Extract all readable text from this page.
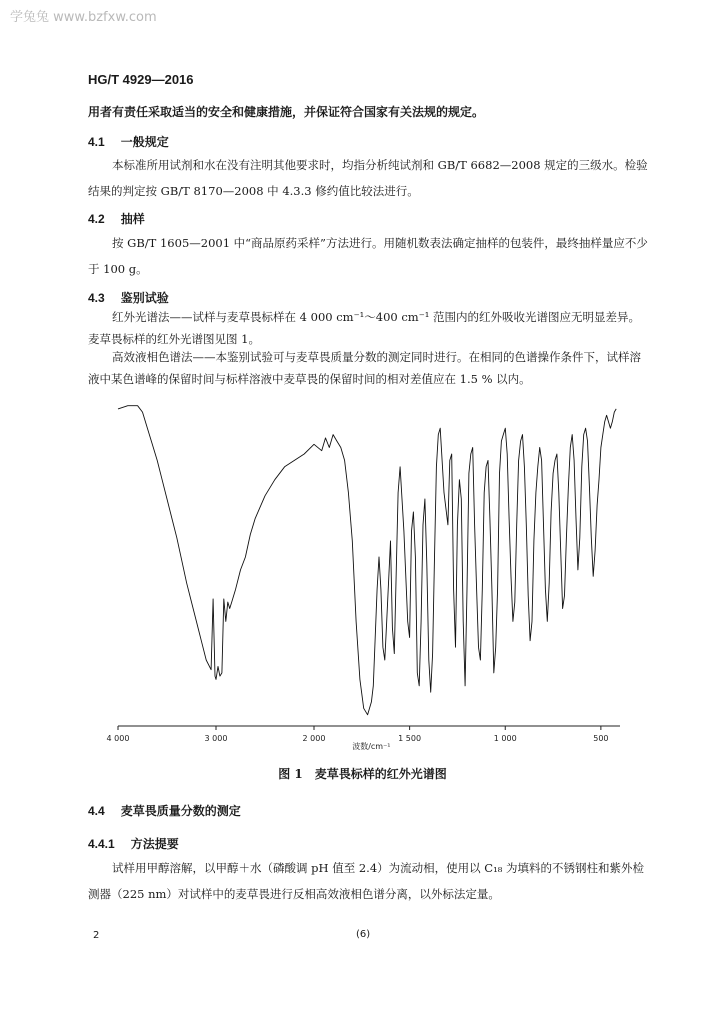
学兔兔 www.bzfxw.com
HG/T 4929—2016
用者有责任采取适当的安全和健康措施，并保证符合国家有关法规的规定。
4.1 一般规定
本标准所用试剂和水在没有注明其他要求时，均指分析纯试剂和 GB/T 6682—2008 规定的三级水。检验结果的判定按 GB/T 8170—2008 中 4.3.3 修约值比较法进行。
4.2 抽样
按 GB/T 1605—2001 中“商品原药采样”方法进行。用随机数表法确定抽样的包装件，最终抽样量应不少于 100 g。
4.3 鉴别试验
红外光谱法——试样与麦草畏标样在 4 000 cm⁻¹～400 cm⁻¹ 范围内的红外吸收光谱图应无明显差异。麦草畏标样的红外光谱图见图 1。
高效液相色谱法——本鉴别试验可与麦草畏质量分数的测定同时进行。在相同的色谱操作条件下，试样溶液中某色谱峰的保留时间与标样溶液中麦草畏的保留时间的相对差值应在 1.5 % 以内。
4 000	3 000	2 000	1 500	1 000	500
波数/cm⁻¹
图 1　麦草畏标样的红外光谱图
4.4 麦草畏质量分数的测定
4.4.1 方法提要
试样用甲醇溶解，以甲醇＋水（磷酸调 pH 值至 2.4）为流动相，使用以 C₁₈ 为填料的不锈钢柱和紫外检测器（225 nm）对试样中的麦草畏进行反相高效液相色谱分离，以外标法定量。
2	(6)
